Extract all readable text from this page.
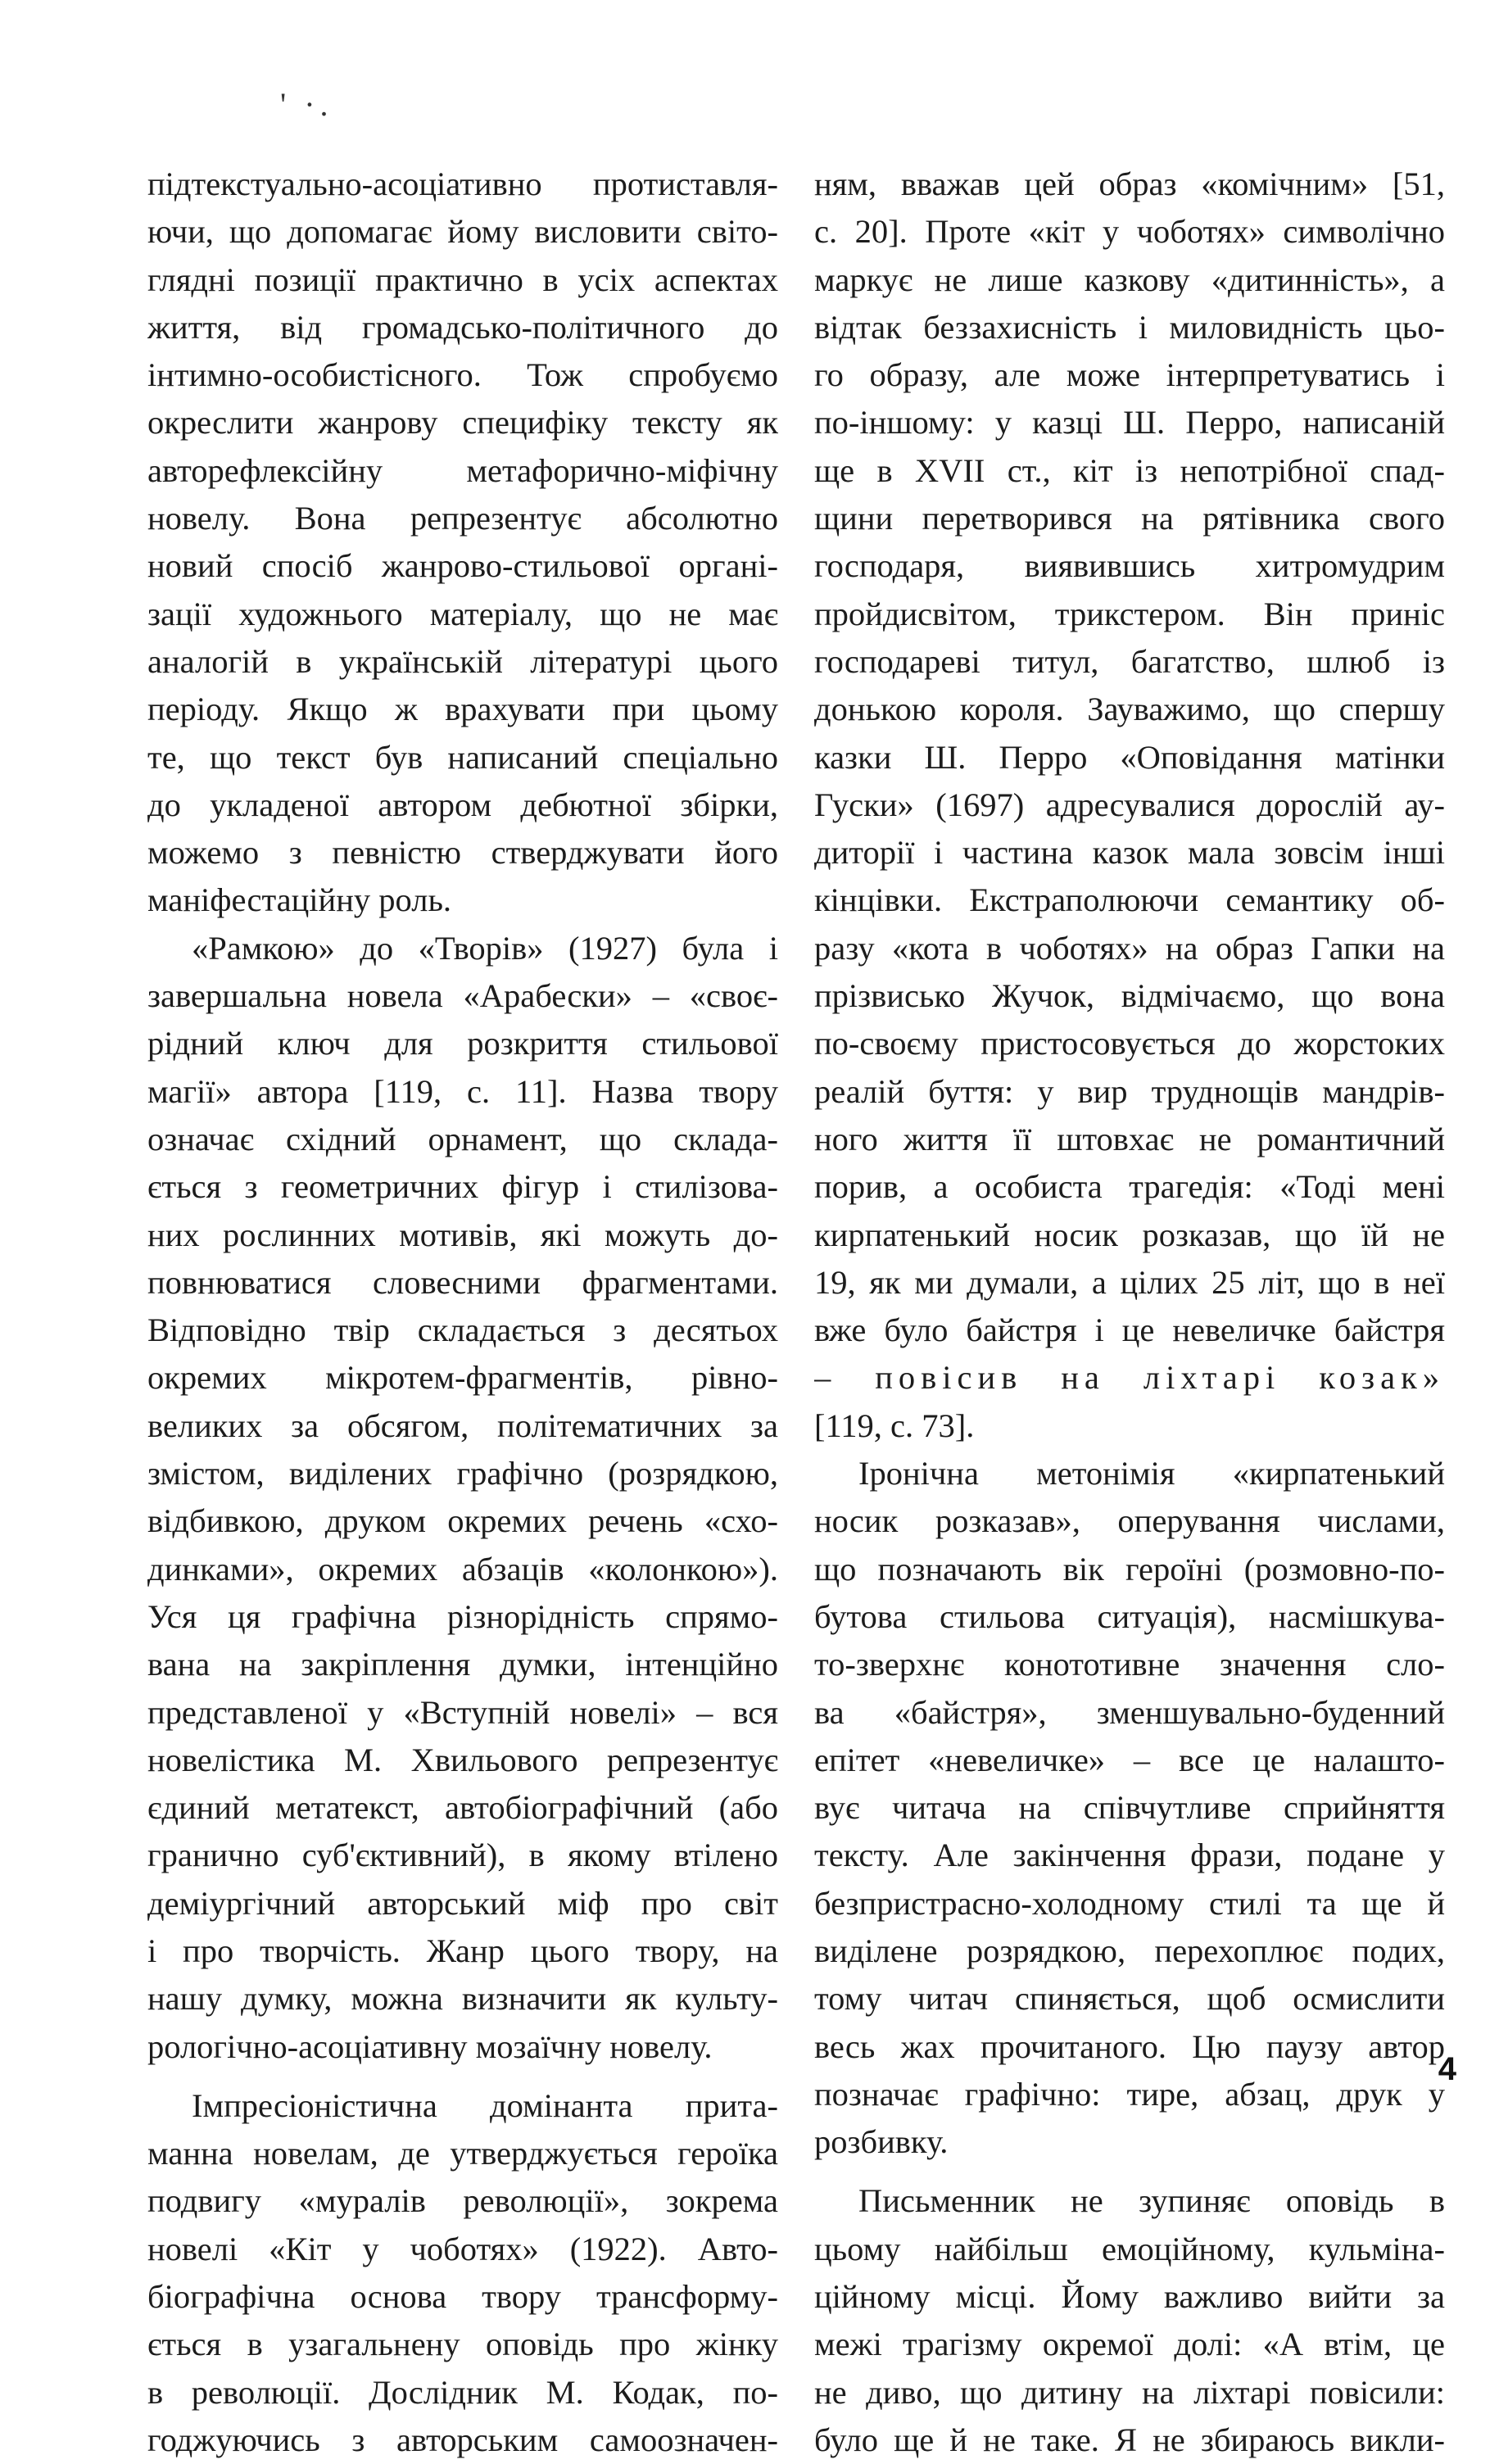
' ·.
підтекстуально-асоціативно протиставля-
ючи, що допомагає йому висловити світо-
глядні позиції практично в усіх аспектах
життя, від громадсько-політичного до
інтимно-особистісного. Тож спробуємо
окреслити жанрову специфіку тексту як
авторефлексійну метафорично-міфічну
новелу. Вона репрезентує абсолютно
новий спосіб жанрово-стильової органі-
зації художнього матеріалу, що не має
аналогій в українській літературі цього
періоду. Якщо ж врахувати при цьому
те, що текст був написаний спеціально
до укладеної автором дебютної збірки,
можемо з певністю стверджувати його
маніфестаційну роль.
«Рамкою» до «Творів» (1927) була і
завершальна новела «Арабески» – «своє-
рідний ключ для розкриття стильової
магії» автора [119, с. 11]. Назва твору
означає східний орнамент, що склада-
ється з геометричних фігур і стилізова-
них рослинних мотивів, які можуть до-
повнюватися словесними фрагментами.
Відповідно твір складається з десятьох
окремих мікротем-фрагментів, рівно-
великих за обсягом, політематичних за
змістом, виділених графічно (розрядкою,
відбивкою, друком окремих речень «схо-
динками», окремих абзаців «колонкою»).
Уся ця графічна різнорідність спрямо-
вана на закріплення думки, інтенційно
представленої у «Вступній новелі» – вся
новелістика М. Хвильового репрезентує
єдиний метатекст, автобіографічний (або
гранично суб'єктивний), в якому втілено
деміургічний авторський міф про світ
і про творчість. Жанр цього твору, на
нашу думку, можна визначити як культу-
рологічно-асоціативну мозаїчну новелу.
Імпресіоністична домінанта прита-
манна новелам, де утверджується героїка
подвигу «муралів революції», зокрема
новелі «Кіт у чоботях» (1922). Авто-
біографічна основа твору трансформу-
ється в узагальнену оповідь про жінку
в революції. Дослідник М. Кодак, по-
годжуючись з авторським самоозначен-
ням, вважав цей образ «комічним» [51,
с. 20]. Проте «кіт у чоботях» символічно
маркує не лише казкову «дитинність», а
відтак беззахисність і миловидність цьо-
го образу, але може інтерпретуватись і
по-іншому: у казці Ш. Перро, написаній
ще в XVII ст., кіт із непотрібної спад-
щини перетворився на рятівника свого
господаря, виявившись хитромудрим
пройдисвітом, трикстером. Він приніс
господареві титул, багатство, шлюб із
донькою короля. Зауважимо, що спершу
казки Ш. Перро «Оповідання матінки
Гуски» (1697) адресувалися дорослій ау-
диторії і частина казок мала зовсім інші
кінцівки. Екстраполюючи семантику об-
разу «кота в чоботях» на образ Гапки на
прізвисько Жучок, відмічаємо, що вона
по-своєму пристосовується до жорстоких
реалій буття: у вир труднощів мандрів-
ного життя її штовхає не романтичний
порив, а особиста трагедія: «Тоді мені
кирпатенький носик розказав, що їй не
19, як ми думали, а цілих 25 літ, що в неї
вже було байстря і це невеличке байстря
– повісив на ліхтарі козак»
[119, с. 73].
Іронічна метонімія «кирпатенький
носик розказав», оперування числами,
що позначають вік героїні (розмовно-по-
бутова стильова ситуація), насмішкува-
то-зверхнє конототивне значення сло-
ва «байстря», зменшувально-буденний
епітет «невеличке» – все це налашто-
вує читача на співчутливе сприйняття
тексту. Але закінчення фрази, подане у
безпристрасно-холодному стилі та ще й
виділене розрядкою, перехоплює подих,
тому читач спиняється, щоб осмислити
весь жах прочитаного. Цю паузу автор
позначає графічно: тире, абзац, друк у
розбивку.
Письменник не зупиняє оповідь в
цьому найбільш емоційному, кульміна-
ційному місці. Йому важливо вийти за
межі трагізму окремої долі: «А втім, це
не диво, що дитину на ліхтарі повісили:
було ще й не таке. Я не збираюсь викли-
4
